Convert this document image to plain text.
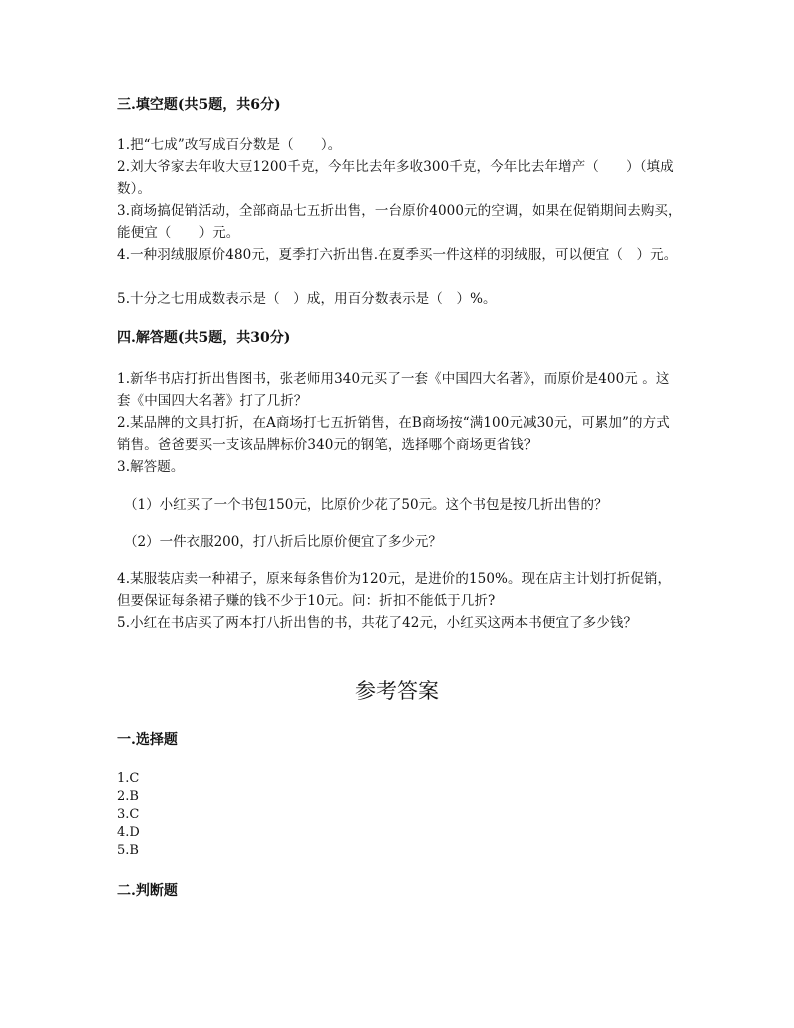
三.填空题(共5题，共6分)

1.把“七成”改写成百分数是（　　）。

2.刘大爷家去年收大豆1200千克，今年比去年多收300千克，今年比去年增产（　　）（填成数）。

3.商场搞促销活动，全部商品七五折出售，一台原价4000元的空调，如果在促销期间去购买，能便宜（　　）元。

4.一种羽绒服原价480元，夏季打六折出售.在夏季买一件这样的羽绒服，可以便宜（　）元。

5.十分之七用成数表示是（　）成，用百分数表示是（　）%。

四.解答题(共5题，共30分)

1.新华书店打折出售图书，张老师用340元买了一套《中国四大名著》，而原价是400元 。这套《中国四大名著》打了几折？

2.某品牌的文具打折，在A商场打七五折销售，在B商场按“满100元减30元，可累加”的方式销售。爸爸要买一支该品牌标价340元的钢笔，选择哪个商场更省钱？

3.解答题。

（1）小红买了一个书包150元，比原价少花了50元。这个书包是按几折出售的？

（2）一件衣服200，打八折后比原价便宜了多少元？

4.某服装店卖一种裙子，原来每条售价为120元，是进价的150%。现在店主计划打折促销，但要保证每条裙子赚的钱不少于10元。问：折扣不能低于几折?

5.小红在书店买了两本打八折出售的书，共花了42元，小红买这两本书便宜了多少钱？

参考答案

一.选择题

1.C

2.B

3.C

4.D

5.B

二.判断题
